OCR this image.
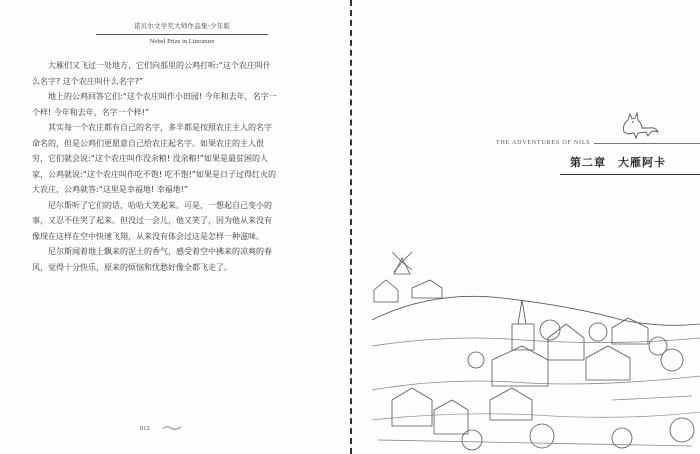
诺贝尔文学奖大师作品集·少年版
Nobel Prize in Literature

大雁们又飞过一处地方，它们向那里的公鸡打听:“这个农庄叫什么名字? 这个农庄叫什么名字?”

地上的公鸡回答它们:“这个农庄叫作小田园! 今年和去年，名字一个样! 今年和去年，名字一个样!”

其实每一个农庄都有自己的名字，多半都是按照农庄主人的名字命名的，但是公鸡们更愿意自己给农庄起名字。如果农庄的主人很穷，它们就会说:“这个农庄叫作没余粮! 没余粮!”如果是最贫困的人家，公鸡就说:“这个农庄叫作吃不饱! 吃不饱!”如果是日子过得红火的大农庄，公鸡就答:“这里是幸福地! 幸福地!”

尼尔斯听了它们的话，哈哈大笑起来。可是，一想起自己变小的事，又忍不住哭了起来。但没过一会儿，他又笑了，因为他从来没有像现在这样在空中快速飞翔，从来没有体会过这是怎样一种滋味。

尼尔斯闻着地上飘来的泥土的香气，感受着空中拂来的凉爽的春风，觉得十分快乐，原来的烦恼和忧愁好像全都飞走了。

012
THE ADVENTURES OF NILS
第二章　大雁阿卡
